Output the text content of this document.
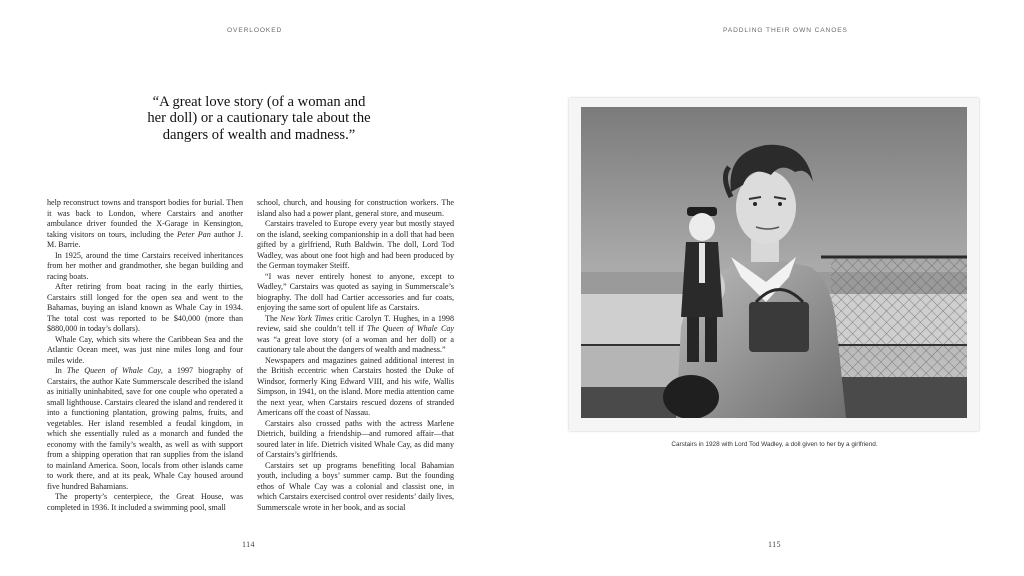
OVERLOOKED
“A great love story (of a woman and her doll) or a cautionary tale about the dangers of wealth and madness.”

help reconstruct towns and transport bodies for burial. Then it was back to London, where Carstairs and another ambulance driver founded the X-Garage in Kensington, taking visitors on tours, including the Peter Pan author J. M. Barrie.

In 1925, around the time Carstairs received inheritances from her mother and grandmother, she began building and racing boats.

After retiring from boat racing in the early thirties, Carstairs still longed for the open sea and went to the Bahamas, buying an island known as Whale Cay in 1934. The total cost was reported to be $40,000 (more than $880,000 in today’s dollars).

Whale Cay, which sits where the Caribbean Sea and the Atlantic Ocean meet, was just nine miles long and four miles wide.

In The Queen of Whale Cay, a 1997 biography of Carstairs, the author Kate Summerscale described the island as initially uninhabited, save for one couple who operated a small lighthouse. Carstairs cleared the island and rendered it into a functioning plantation, growing palms, fruits, and vegetables. Her island resembled a feudal kingdom, in which she essentially ruled as a monarch and funded the economy with the family’s wealth, as well as with support from a shipping operation that ran supplies from the island to mainland America. Soon, locals from other islands came to work there, and at its peak, Whale Cay housed around five hundred Bahamians.

The property’s centerpiece, the Great House, was completed in 1936. It included a swimming pool, small

school, church, and housing for construction workers. The island also had a power plant, general store, and museum.

Carstairs traveled to Europe every year but mostly stayed on the island, seeking companionship in a doll that had been gifted by a girlfriend, Ruth Baldwin. The doll, Lord Tod Wadley, was about one foot high and had been produced by the German toymaker Steiff.

“I was never entirely honest to anyone, except to Wadley,” Carstairs was quoted as saying in Summerscale’s biography. The doll had Cartier accessories and fur coats, enjoying the same sort of opulent life as Carstairs.

The New York Times critic Carolyn T. Hughes, in a 1998 review, said she couldn’t tell if The Queen of Whale Cay was “a great love story (of a woman and her doll) or a cautionary tale about the dangers of wealth and madness.”

Newspapers and magazines gained additional interest in the British eccentric when Carstairs hosted the Duke of Windsor, formerly King Edward VIII, and his wife, Wallis Simpson, in 1941, on the island. More media attention came the next year, when Carstairs rescued dozens of stranded Americans off the coast of Nassau.

Carstairs also crossed paths with the actress Marlene Dietrich, building a friendship—and rumored affair—that soured later in life. Dietrich visited Whale Cay, as did many of Carstairs’s girlfriends.

Carstairs set up programs benefiting local Bahamian youth, including a boys’ summer camp. But the founding ethos of Whale Cay was a colonial and classist one, in which Carstairs exercised control over residents’ daily lives, Summerscale wrote in her book, and as social

114
PADDLING THEIR OWN CANOES
Carstairs in 1928 with Lord Tod Wadley, a doll given to her by a girlfriend.
115
